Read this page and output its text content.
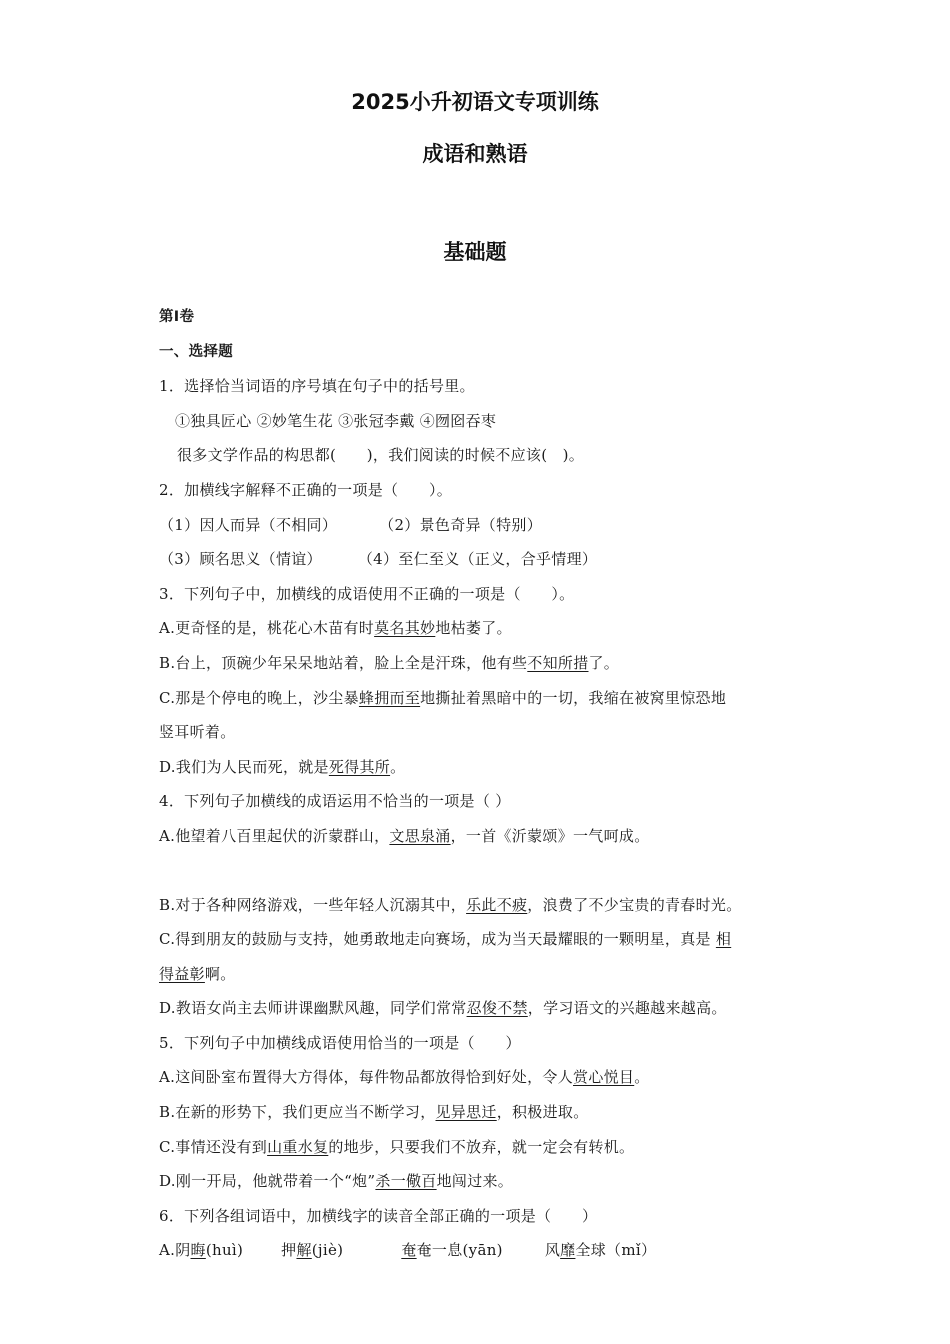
2025小升初语文专项训练
成语和熟语
基础题
第Ⅰ卷
一、选择题
1．选择恰当词语的序号填在句子中的括号里。
①独具匠心 ②妙笔生花 ③张冠李戴 ④囫囵吞枣
很多文学作品的构思都(　　)，我们阅读的时候不应该(　)。
2．加横线字解释不正确的一项是（　　）。
（1）因人而异（不相同）	（2）景色奇异（特别）
（3）顾名思义（情谊） （4）至仁至义（正义，合乎情理）
3．下列句子中，加横线的成语使用不正确的一项是（　　）。
A.更奇怪的是，桃花心木苗有时莫名其妙地枯萎了。
B.台上，顶碗少年呆呆地站着，脸上全是汗珠，他有些不知所措了。
C.那是个停电的晚上，沙尘暴蜂拥而至地撕扯着黑暗中的一切，我缩在被窝里惊恐地
竖耳听着。
D.我们为人民而死，就是死得其所。
4．下列句子加横线的成语运用不恰当的一项是（ ）
A.他望着八百里起伏的沂蒙群山，文思泉涌，一首《沂蒙颂》一气呵成。
B.对于各种网络游戏，一些年轻人沉溺其中，乐此不疲，浪费了不少宝贵的青春时光。
C.得到朋友的鼓励与支持，她勇敢地走向赛场，成为当天最耀眼的一颗明星，真是 相
得益彰啊。
D.教语女尚主去师讲课幽默风趣，同学们常常忍俊不禁，学习语文的兴趣越来越高。
5．下列句子中加横线成语使用恰当的一项是（　　）
A.这间卧室布置得大方得体，每件物品都放得恰到好处，令人赏心悦目。
B.在新的形势下，我们更应当不断学习，见异思迁，积极进取。
C.事情还没有到山重水复的地步，只要我们不放弃，就一定会有转机。
D.刚一开局，他就带着一个“炮”杀一儆百地闯过来。
6．下列各组词语中，加横线字的读音全部正确的一项是（　　）
A.阴晦(huì)	押解(jiè)	奄奄一息(yān)	风靡全球（mǐ）
